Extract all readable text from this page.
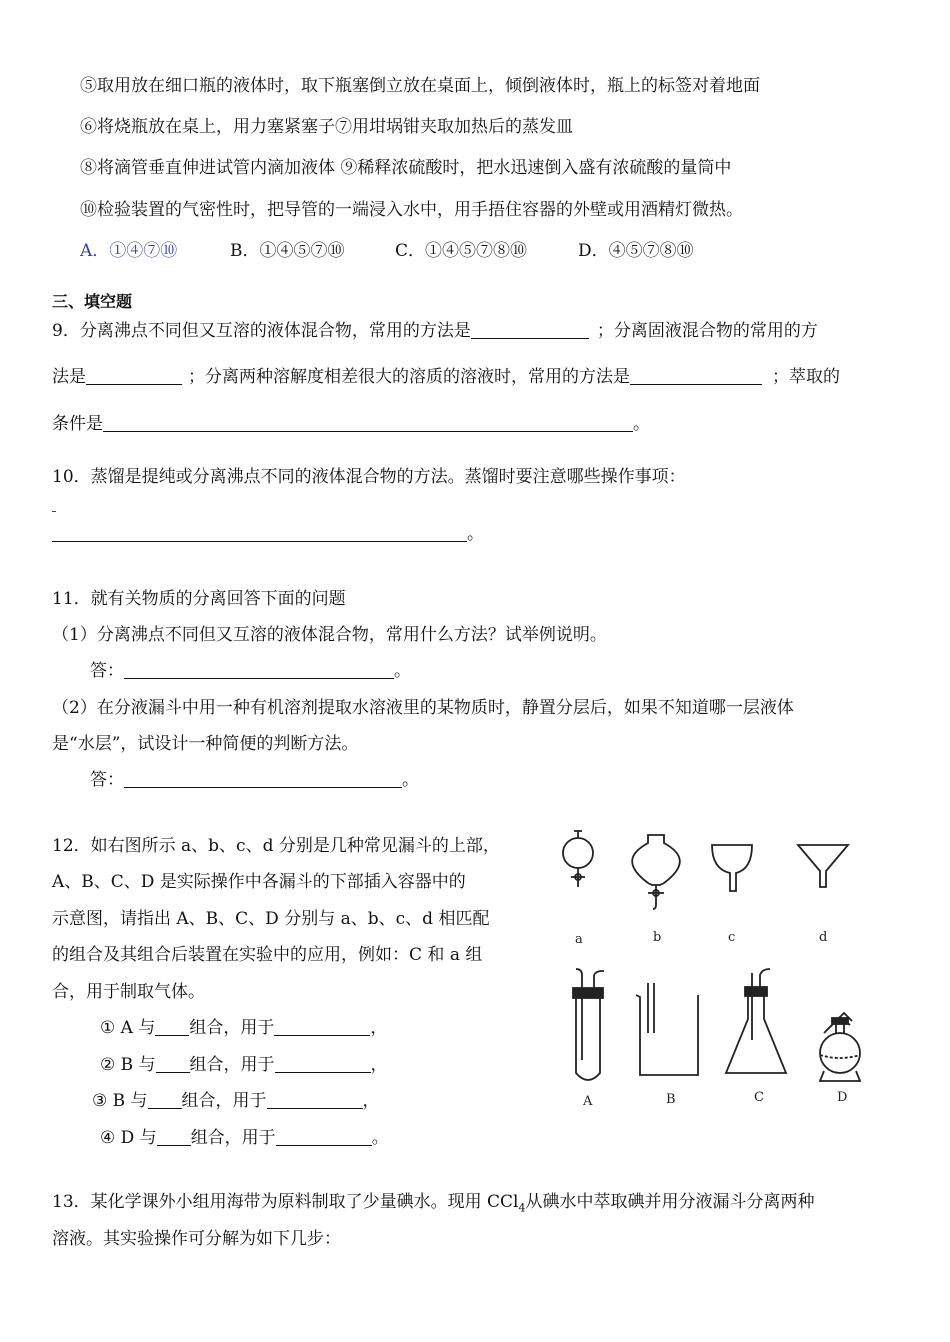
⑤取用放在细口瓶的液体时，取下瓶塞倒立放在桌面上，倾倒液体时，瓶上的标签对着地面
⑥将烧瓶放在桌上，用力塞紧塞子⑦用坩埚钳夹取加热后的蒸发皿
⑧将滴管垂直伸进试管内滴加液体 ⑨稀释浓硫酸时，把水迅速倒入盛有浓硫酸的量筒中
⑩检验装置的气密性时，把导管的一端浸入水中，用手捂住容器的外壁或用酒精灯微热。
A．①④⑦⑩	B．①④⑤⑦⑩	C．①④⑤⑦⑧⑩	D．④⑤⑦⑧⑩
三、填空题
9．分离沸点不同但又互溶的液体混合物，常用的方法是	；分离固液混合物的常用的方
法是	；分离两种溶解度相差很大的溶质的溶液时，常用的方法是	；萃取的
条件是	。
10．蒸馏是提纯或分离沸点不同的液体混合物的方法。蒸馏时要注意哪些操作事项：
。
11．就有关物质的分离回答下面的问题
（1）分离沸点不同但又互溶的液体混合物，常用什么方法？试举例说明。
答：	。
（2）在分液漏斗中用一种有机溶剂提取水溶液里的某物质时，静置分层后，如果不知道哪一层液体
是“水层”，试设计一种简便的判断方法。
答：	。
12．如右图所示 a、b、c、d 分别是几种常见漏斗的上部，
A、B、C、D 是实际操作中各漏斗的下部插入容器中的
示意图，请指出 A、B、C、D 分别与 a、b、c、d 相匹配
的组合及其组合后装置在实验中的应用，例如：C 和 a 组
合，用于制取气体。
① A 与 组合，用于	，
② B 与 组合，用于	，
③ B 与 组合，用于	，
④ D 与 组合，用于	。
a	b	c	d
A	B	C	D
13．某化学课外小组用海带为原料制取了少量碘水。现用 CCl$_4$从碘水中萃取碘并用分液漏斗分离两种
溶液。其实验操作可分解为如下几步：
